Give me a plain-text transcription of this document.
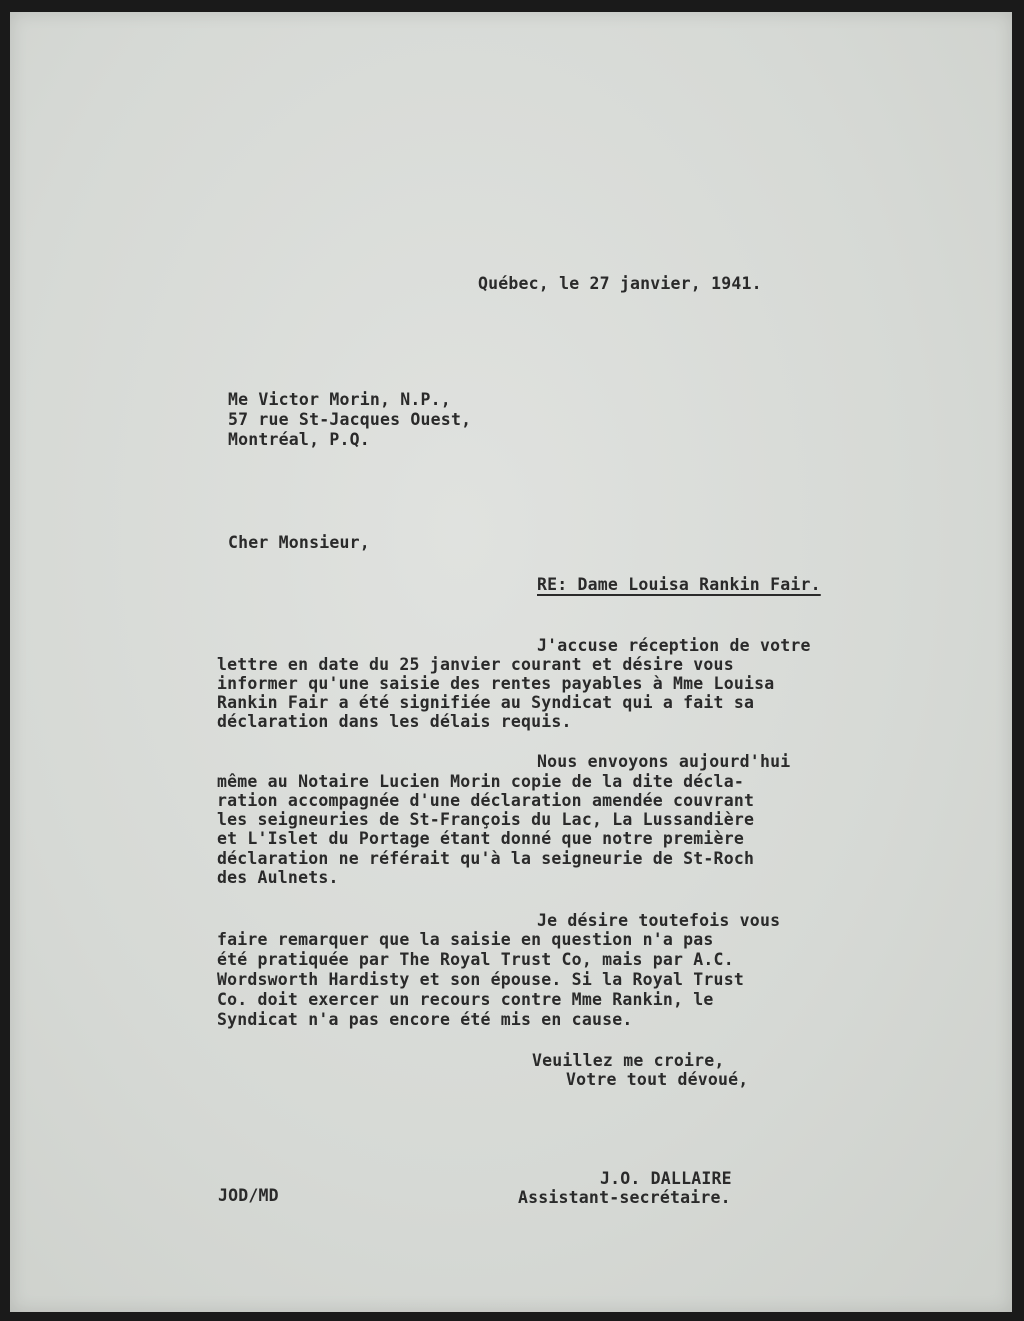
Québec, le 27 janvier, 1941.
Me Victor Morin, N.P.,
57 rue St-Jacques Ouest,
Montréal, P.Q.
Cher Monsieur,
RE: Dame Louisa Rankin Fair.
J'accuse réception de votre
lettre en date du 25 janvier courant et désire vous
informer qu'une saisie des rentes payables à Mme Louisa
Rankin Fair a été signifiée au Syndicat qui a fait sa
déclaration dans les délais requis.
Nous envoyons aujourd'hui
même au Notaire Lucien Morin copie de la dite décla-
ration accompagnée d'une déclaration amendée couvrant
les seigneuries de St-François du Lac, La Lussandière
et L'Islet du Portage étant donné que notre première
déclaration ne référait qu'à la seigneurie de St-Roch
des Aulnets.
Je désire toutefois vous
faire remarquer que la saisie en question n'a pas
été pratiquée par The Royal Trust Co, mais par A.C.
Wordsworth Hardisty et son épouse. Si la Royal Trust
Co. doit exercer un recours contre Mme Rankin, le
Syndicat n'a pas encore été mis en cause.
Veuillez me croire,
Votre tout dévoué,
J.O. DALLAIRE
Assistant-secrétaire.
JOD/MD
